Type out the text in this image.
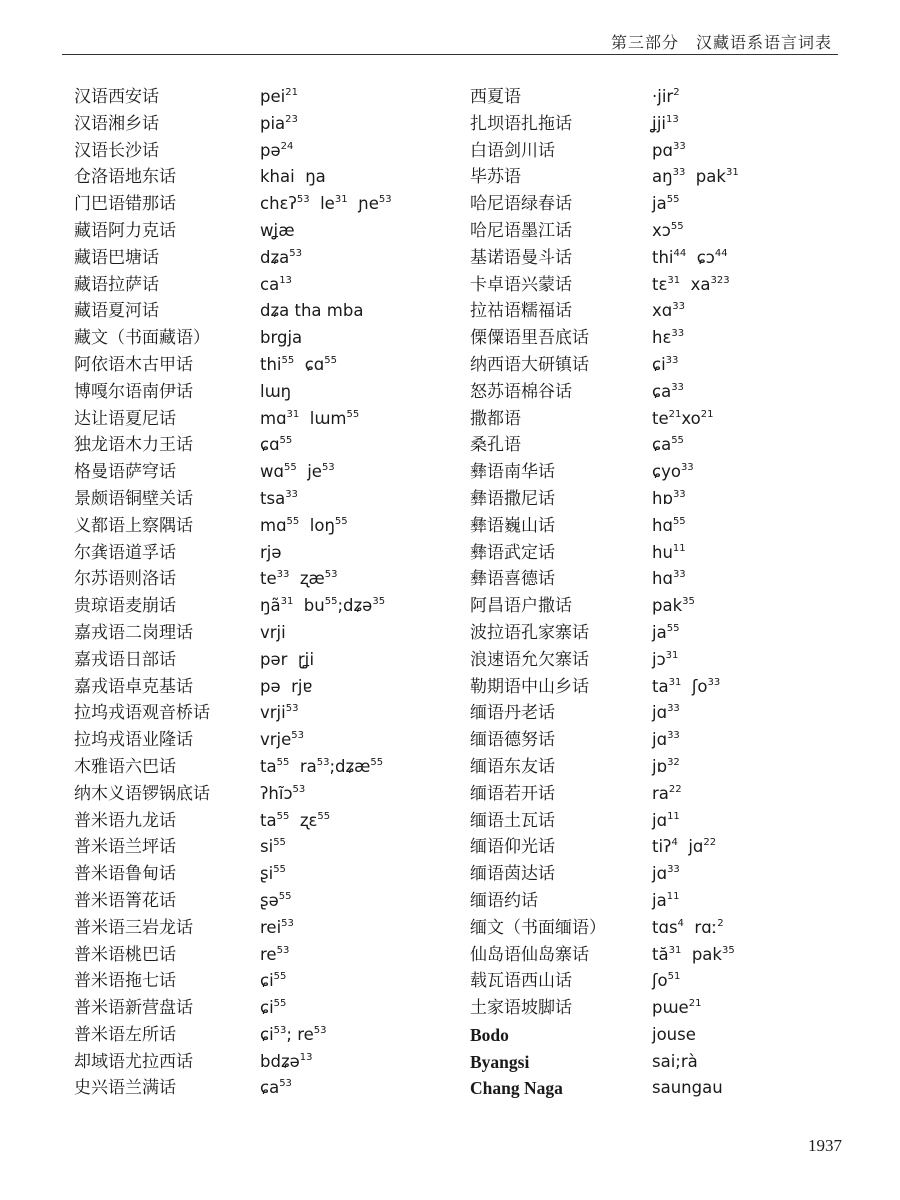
第三部分　汉藏语系语言词表
汉语西安话	pei$^{21}$
汉语湘乡话	pia$^{23}$
汉语长沙话	pə$^{24}$
仓洛语地东话	khai  ŋa
门巴语错那话	chɛʔ$^{53}$  $le^{31}$  ɲe$^{53}$
藏语阿力克话	wʝæ
藏语巴塘话	dʑa$^{53}$
藏语拉萨话	$ca^{13}$
藏语夏河话	dʑa tha mba
藏文（书面藏语）	brgja
阿依语木古甲话	thi$^{55}$  ɕɑ$^{55}$
博嘎尔语南伊话	lɯŋ
达让语夏尼话	mɑ$^{31}$  lɯm$^{55}$
独龙语木力王话	ɕɑ$^{55}$
格曼语萨穹话	wɑ$^{55}$  $je^{53}$
景颇语铜壁关话	tsa$^{33}$
义都语上察隅话	mɑ$^{55}$  loŋ$^{55}$
尔龚语道孚话	rjə
尔苏语则洛话	$te^{33}$  ʐæ$^{53}$
贵琼语麦崩话	$ŋã^{31}$  $bu^{55};dʑə^{35}$
嘉戎语二岗理话	vrji
嘉戎语日部话	pər  ɽʝi
嘉戎语卓克基话	pə  rjɐ
拉坞戎语观音桥话	vrji$^{53}$
拉坞戎语业隆话	vrje$^{53}$
木雅语六巴话	$ta^{55}$  $ra^{53};dʑæ^{55}$
纳木义语锣锅底话	ʔhĩɔ$^{53}$
普米语九龙话	$ta^{55}$  ʐɛ$^{55}$
普米语兰坪话	$si^{55}$
普米语鲁甸话	ʂi$^{55}$
普米语箐花话	ʂə$^{55}$
普米语三岩龙话	rei$^{53}$
普米语桃巴话	$re^{53}$
普米语拖七话	ɕi$^{55}$
普米语新营盘话	ɕi$^{55}$
普米语左所话	ɕi$^{53}$; $re^{53}$
却域语尤拉西话	bdʑə$^{13}$
史兴语兰满话	ɕa$^{53}$
西夏语	·jir$^2$
扎坝语扎拖话	ʝji$^{13}$
白语剑川话	pɑ$^{33}$
毕苏语	$aŋ^{33}$  pak$^{31}$
哈尼语绿春话	$ja^{55}$
哈尼语墨江话	xɔ$^{55}$
基诺语曼斗话	thi$^{44}$  ɕɔ$^{44}$
卡卓语兴蒙话	tɛ$^{31}$  $xa^{323}$
拉祜语糯福话	xɑ$^{33}$
傈僳语里吾底话	hɛ$^{33}$
纳西语大研镇话	ɕi$^{33}$
怒苏语棉谷话	ɕa$^{33}$
撒都语	$te^{21}xo^{21}$
桑孔语	ɕa$^{55}$
彝语南华话	ɕyo$^{33}$
彝语撒尼话	hɒ$^{33}$
彝语巍山话	hɑ$^{55}$
彝语武定话	$hu^{11}$
彝语喜德话	hɑ$^{33}$
阿昌语户撒话	pak$^{35}$
波拉语孔家寨话	$ja^{55}$
浪速语允欠寨话	jɔ$^{31}$
勒期语中山乡话	$ta^{31}$  ʃo$^{33}$
缅语丹老话	jɑ$^{33}$
缅语德努话	jɑ$^{33}$
缅语东友话	jɒ$^{32}$
缅语若开话	$ra^{22}$
缅语土瓦话	jɑ$^{11}$
缅语仰光话	tiʔ$^4$  jɑ$^{22}$
缅语茵达话	jɑ$^{33}$
缅语约话	$ja^{11}$
缅文（书面缅语）	tɑs$^4$  rɑː$^2$
仙岛语仙岛寨话	$tă^{31}$  pak$^{35}$
载瓦语西山话	ʃo$^{51}$
土家语坡脚话	pɯe$^{21}$
Bodo	jouse
Byangsi	sai;rà
Chang Naga	saungau
1937
